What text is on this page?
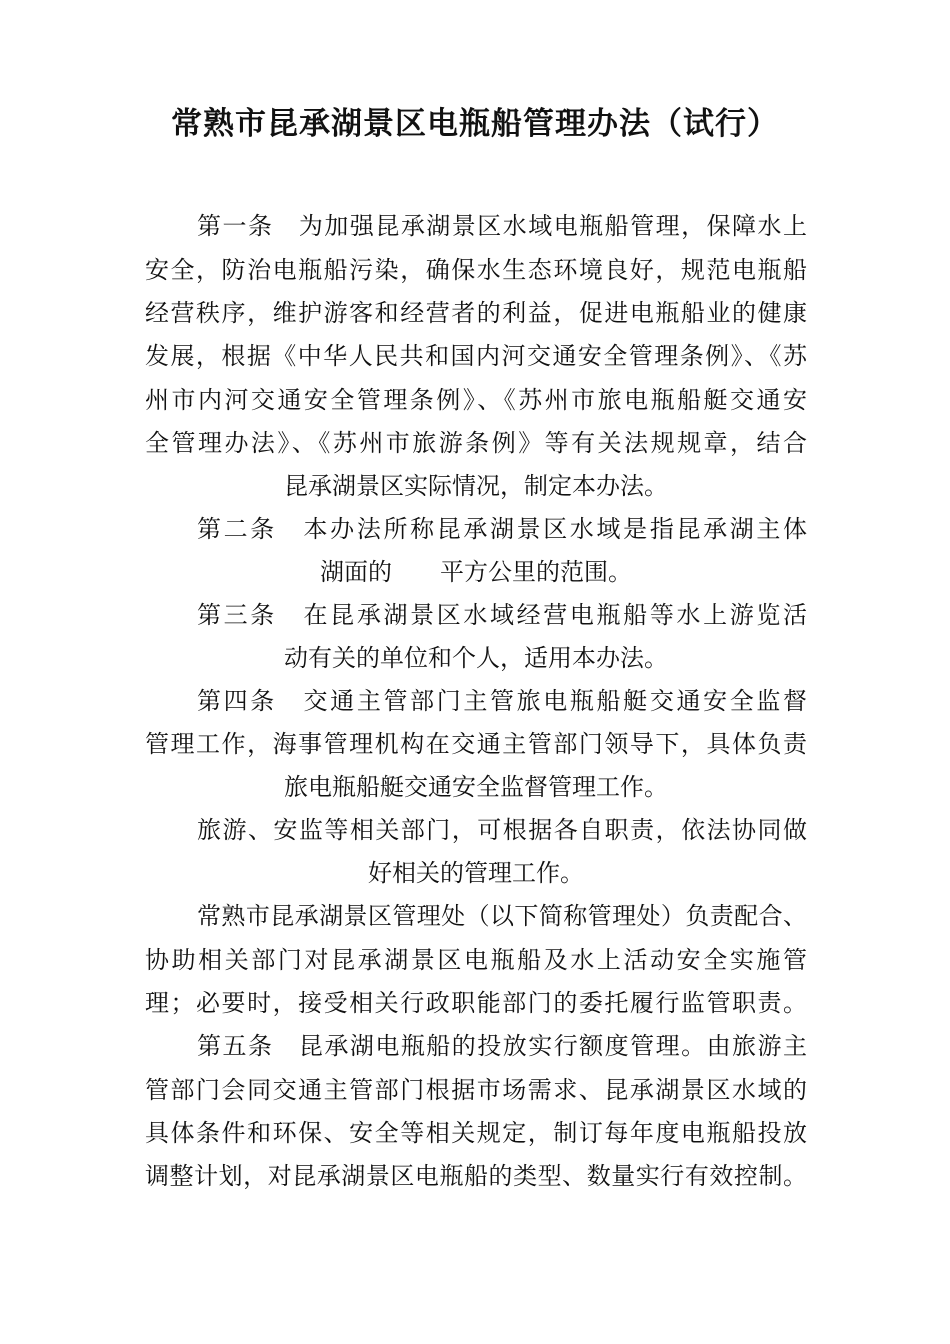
常熟市昆承湖景区电瓶船管理办法（试行）
第一条　为加强昆承湖景区水域电瓶船管理，保障水上
安全，防治电瓶船污染，确保水生态环境良好，规范电瓶船
经营秩序，维护游客和经营者的利益，促进电瓶船业的健康
发展，根据《中华人民共和国内河交通安全管理条例》、《苏
州市内河交通安全管理条例》、《苏州市旅电瓶船艇交通安
全管理办法》、《苏州市旅游条例》等有关法规规章，结合
昆承湖景区实际情况，制定本办法。
第二条　本办法所称昆承湖景区水域是指昆承湖主体
湖面的　　平方公里的范围。
第三条　在昆承湖景区水域经营电瓶船等水上游览活
动有关的单位和个人，适用本办法。
第四条　交通主管部门主管旅电瓶船艇交通安全监督
管理工作，海事管理机构在交通主管部门领导下，具体负责
旅电瓶船艇交通安全监督管理工作。
旅游、安监等相关部门，可根据各自职责，依法协同做
好相关的管理工作。
常熟市昆承湖景区管理处（以下简称管理处）负责配合、
协助相关部门对昆承湖景区电瓶船及水上活动安全实施管
理；必要时，接受相关行政职能部门的委托履行监管职责。
第五条　昆承湖电瓶船的投放实行额度管理。由旅游主
管部门会同交通主管部门根据市场需求、昆承湖景区水域的
具体条件和环保、安全等相关规定，制订每年度电瓶船投放
调整计划，对昆承湖景区电瓶船的类型、数量实行有效控制。
